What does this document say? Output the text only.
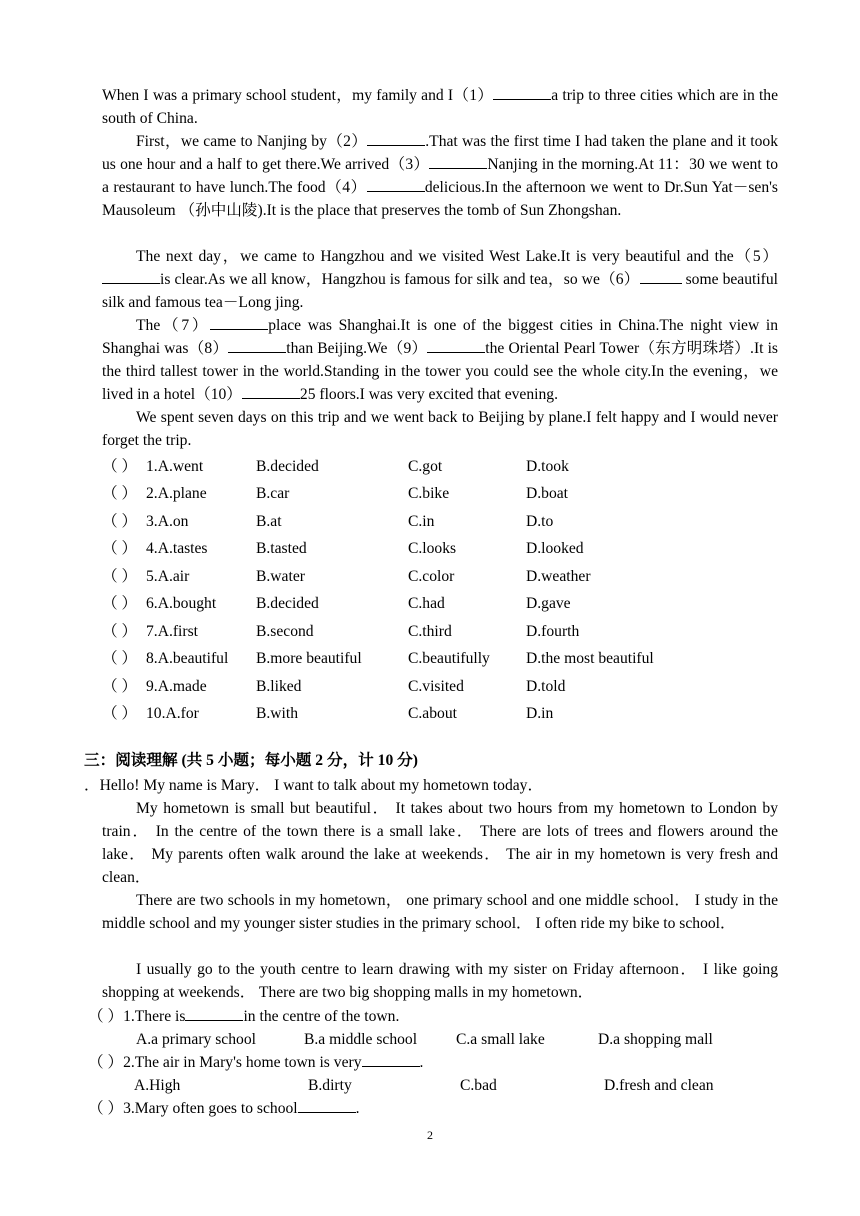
When I was a primary school student，my family and I（1）	a trip to three cities which are in the south of China.

First，we came to Nanjing by（2）	.That was the first time I had taken the plane and it took us one hour and a half to get there.We arrived（3）	Nanjing in the morning.At 11：30 we went to a restaurant to have lunch.The food（4）	delicious.In the afternoon we went to Dr.Sun Yat－sen's Mausoleum （孙中山陵).It is the place that preserves the tomb of Sun Zhongshan.

The next day，we came to Hangzhou and we visited West Lake.It is very beautiful and the（5）is clear.As we all know，Hangzhou is famous for silk and tea，so we（6）	some beautiful silk and famous tea－Long jing.

The（7）	place was Shanghai.It is one of the biggest cities in China.The night view in Shanghai was（8）	than Beijing.We（9）	the Oriental Pearl Tower（东方明珠塔）.It is the third tallest tower in the world.Standing in the tower you could see the whole city.In the evening，we lived in a hotel（10）	25 floors.I was very excited that evening.

We spent seven days on this trip and we went back to Beijing by plane.I felt happy and I would never forget the trip.

（ ） 1.A.went	B.decided	C.got	D.took
（ ） 2.A.plane	B.car	C.bike	D.boat
（ ） 3.A.on	B.at	C.in	D.to
（ ） 4.A.tastes	B.tasted	C.looks	D.looked
（ ） 5.A.air	B.water	C.color	D.weather
（ ） 6.A.bought	B.decided	C.had	D.gave
（ ） 7.A.first	B.second	C.third	D.fourth
（ ） 8.A.beautiful B.more beautiful	C.beautifully D.the most beautiful
（ ） 9.A.made	B.liked	C.visited	D.told
（ ） 10.A.for	B.with	C.about	D.in
三：阅读理解 (共 5 小题；每小题 2 分，计 10 分)
．Hello! My name is Mary． I want to talk about my hometown today．

My hometown is small but beautiful． It takes about two hours from my hometown to London by train． In the centre of the town there is a small lake． There are lots of trees and flowers around the lake． My parents often walk around the lake at weekends． The air in my hometown is very fresh and clean．

There are two schools in my hometown， one primary school and one middle school． I study in the middle school and my younger sister studies in the primary school． I often ride my bike to school．

I usually go to the youth centre to learn drawing with my sister on Friday afternoon． I like going shopping at weekends． There are two big shopping malls in my hometown．

（ ）1.There is	in the centre of the town.
A.a primary school	B.a middle school C.a small lake	D.a shopping mall
（ ）2.The air in Mary's home town is very	.
A.High	B.dirty	C.bad	D.fresh and clean
（ ）3.Mary often goes to school	.
2
